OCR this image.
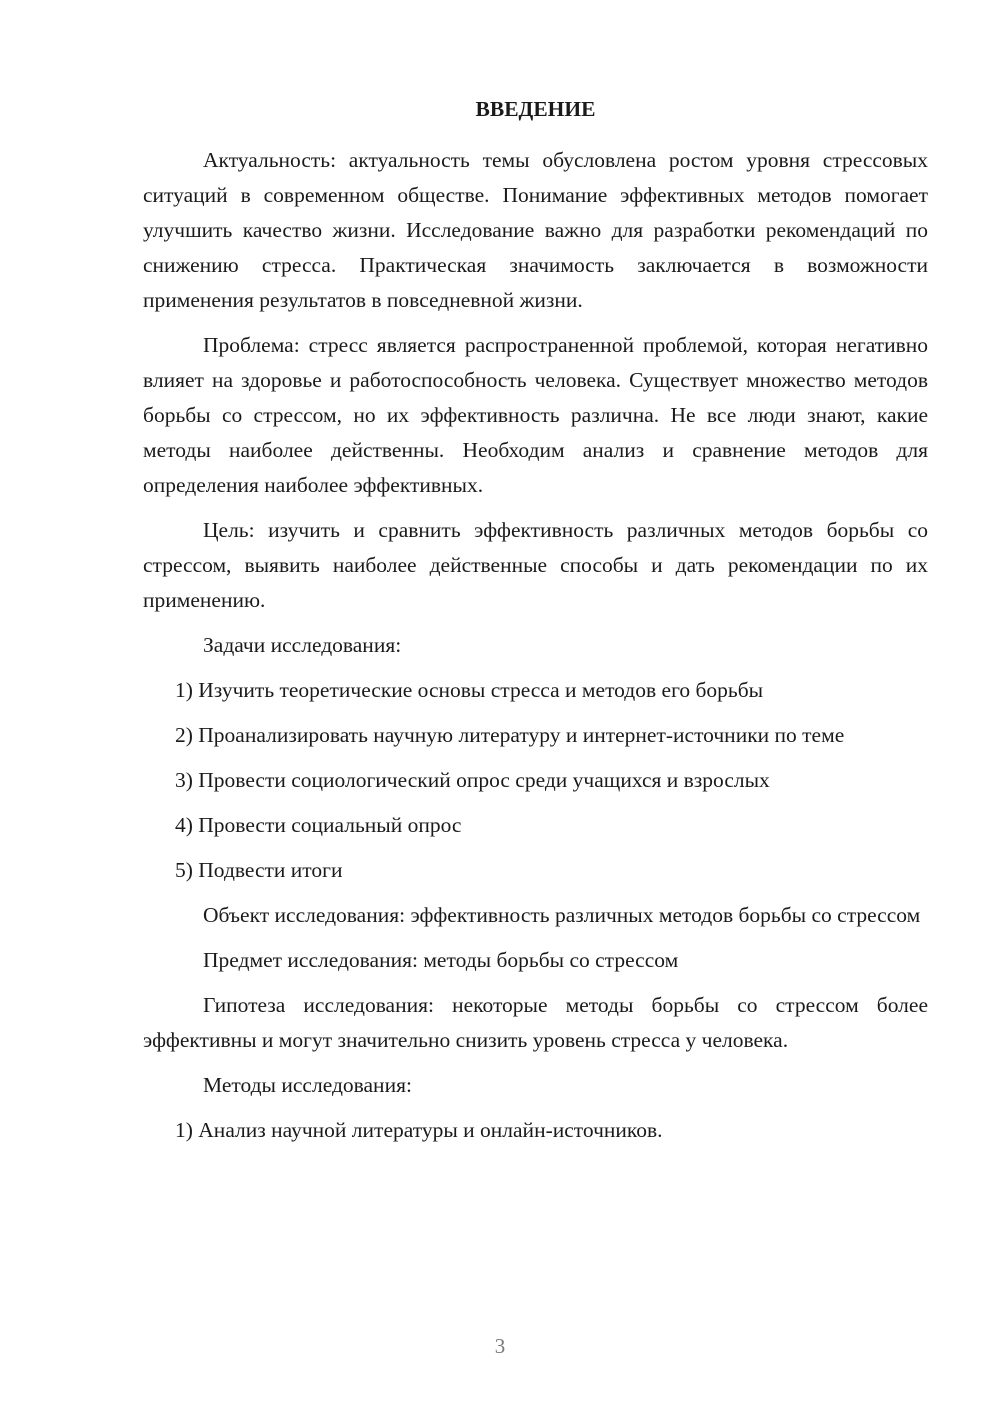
ВВЕДЕНИЕ

Актуальность: актуальность темы обусловлена ростом уровня стрессовых ситуаций в современном обществе. Понимание эффективных методов помогает улучшить качество жизни. Исследование важно для разработки рекомендаций по снижению стресса. Практическая значимость заключается в возможности применения результатов в повседневной жизни.

Проблема: стресс является распространенной проблемой, которая негативно влияет на здоровье и работоспособность человека. Существует множество методов борьбы со стрессом, но их эффективность различна. Не все люди знают, какие методы наиболее действенны. Необходим анализ и сравнение методов для определения наиболее эффективных.

Цель: изучить и сравнить эффективность различных методов борьбы со стрессом, выявить наиболее действенные способы и дать рекомендации по их применению.

Задачи исследования:

1) Изучить теоретические основы стресса и методов его борьбы

2) Проанализировать научную литературу и интернет-источники по теме

3) Провести социологический опрос среди учащихся и взрослых

4) Провести социальный опрос

5) Подвести итоги

Объект исследования: эффективность различных методов борьбы со стрессом

Предмет исследования: методы борьбы со стрессом

Гипотеза исследования: некоторые методы борьбы со стрессом более эффективны и могут значительно снизить уровень стресса у человека.

Методы исследования:

1) Анализ научной литературы и онлайн-источников.

3
